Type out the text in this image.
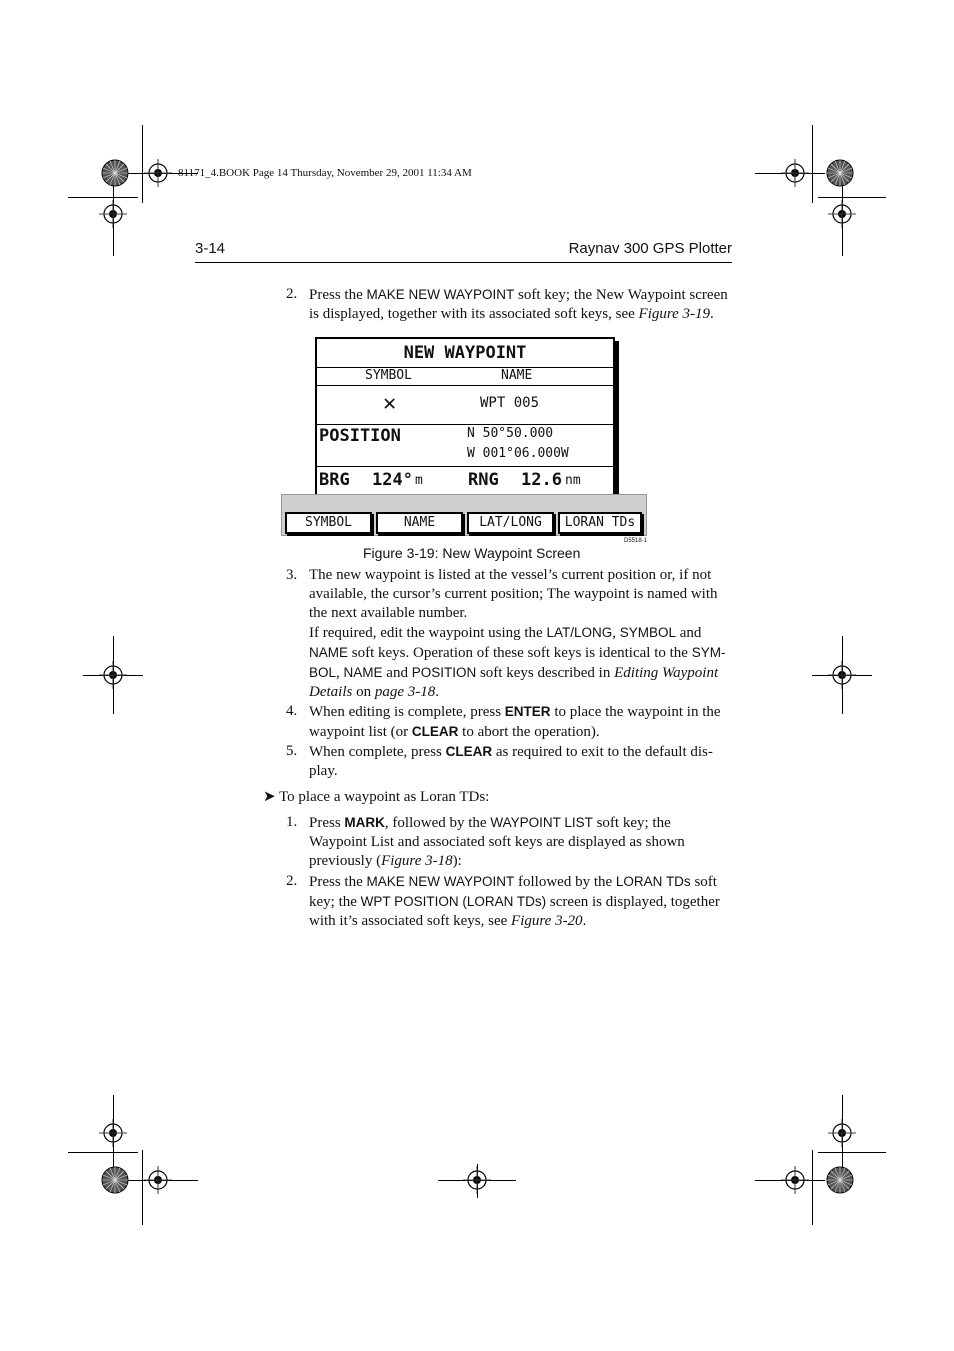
81171_4.BOOK Page 14 Thursday, November 29, 2001 11:34 AM
3-14	Raynav 300 GPS Plotter
2. Press the MAKE NEW WAYPOINT soft key; the New Waypoint screen is displayed, together with its associated soft keys, see Figure 3-19.
NEW WAYPOINT
SYMBOL	NAME
✕	WPT 005
POSITION	N 50°50.000
W 001°06.000W
BRG 124° m	RNG 12.6 nm
SYMBOL	NAME	LAT/LONG	LORAN TDs
D5518-1
Figure 3-19: New Waypoint Screen
3. The new waypoint is listed at the vessel’s current position or, if not available, the cursor’s current position; The waypoint is named with the next available number.
If required, edit the waypoint using the LAT/LONG, SYMBOL and NAME soft keys. Operation of these soft keys is identical to the SYM-BOL, NAME and POSITION soft keys described in Editing Waypoint Details on page 3-18.
4. When editing is complete, press ENTER to place the waypoint in the waypoint list (or CLEAR to abort the operation).
5. When complete, press CLEAR as required to exit to the default dis-play.
➤ To place a waypoint as Loran TDs:
1. Press MARK, followed by the WAYPOINT LIST soft key; the Waypoint List and associated soft keys are displayed as shown previously (Figure 3-18):
2. Press the MAKE NEW WAYPOINT followed by the LORAN TDs soft key; the WPT POSITION (LORAN TDs) screen is displayed, together with it’s associated soft keys, see Figure 3-20.
